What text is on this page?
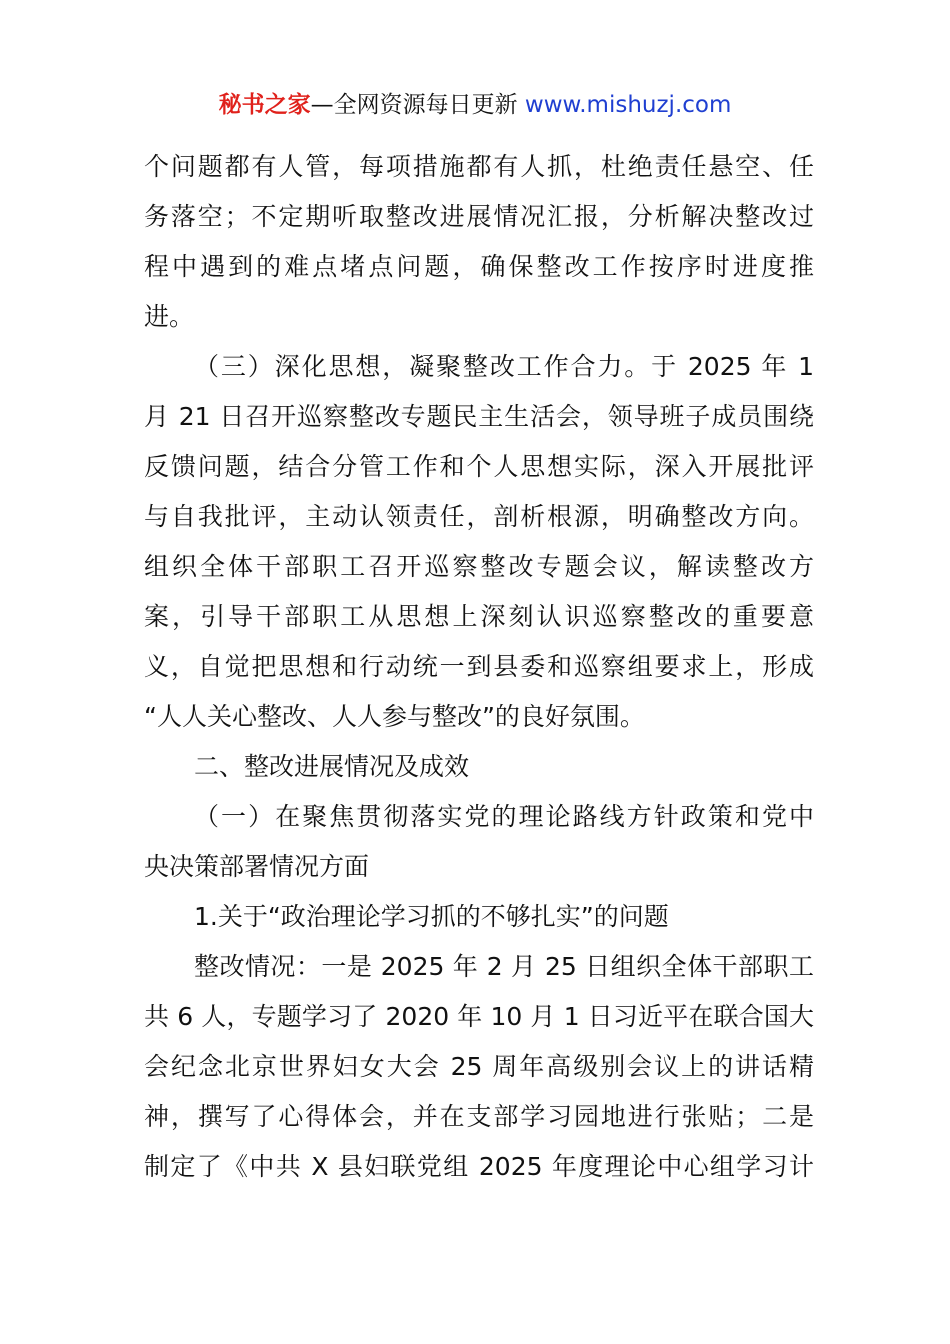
秘书之家—全网资源每日更新 www.mishuzj.com
个问题都有人管，每项措施都有人抓，杜绝责任悬空、任
务落空；不定期听取整改进展情况汇报，分析解决整改过
程中遇到的难点堵点问题，确保整改工作按序时进度推
进。
（三）深化思想，凝聚整改工作合力。于 2025 年 1
月 21 日召开巡察整改专题民主生活会，领导班子成员围绕
反馈问题，结合分管工作和个人思想实际，深入开展批评
与自我批评，主动认领责任，剖析根源，明确整改方向。
组织全体干部职工召开巡察整改专题会议，解读整改方
案，引导干部职工从思想上深刻认识巡察整改的重要意
义，自觉把思想和行动统一到县委和巡察组要求上，形成
“人人关心整改、人人参与整改”的良好氛围。
二、整改进展情况及成效
（一）在聚焦贯彻落实党的理论路线方针政策和党中
央决策部署情况方面
1.关于“政治理论学习抓的不够扎实”的问题
整改情况：一是 2025 年 2 月 25 日组织全体干部职工
共 6 人，专题学习了 2020 年 10 月 1 日习近平在联合国大
会纪念北京世界妇女大会 25 周年高级别会议上的讲话精
神，撰写了心得体会，并在支部学习园地进行张贴；二是
制定了《中共 X 县妇联党组 2025 年度理论中心组学习计
